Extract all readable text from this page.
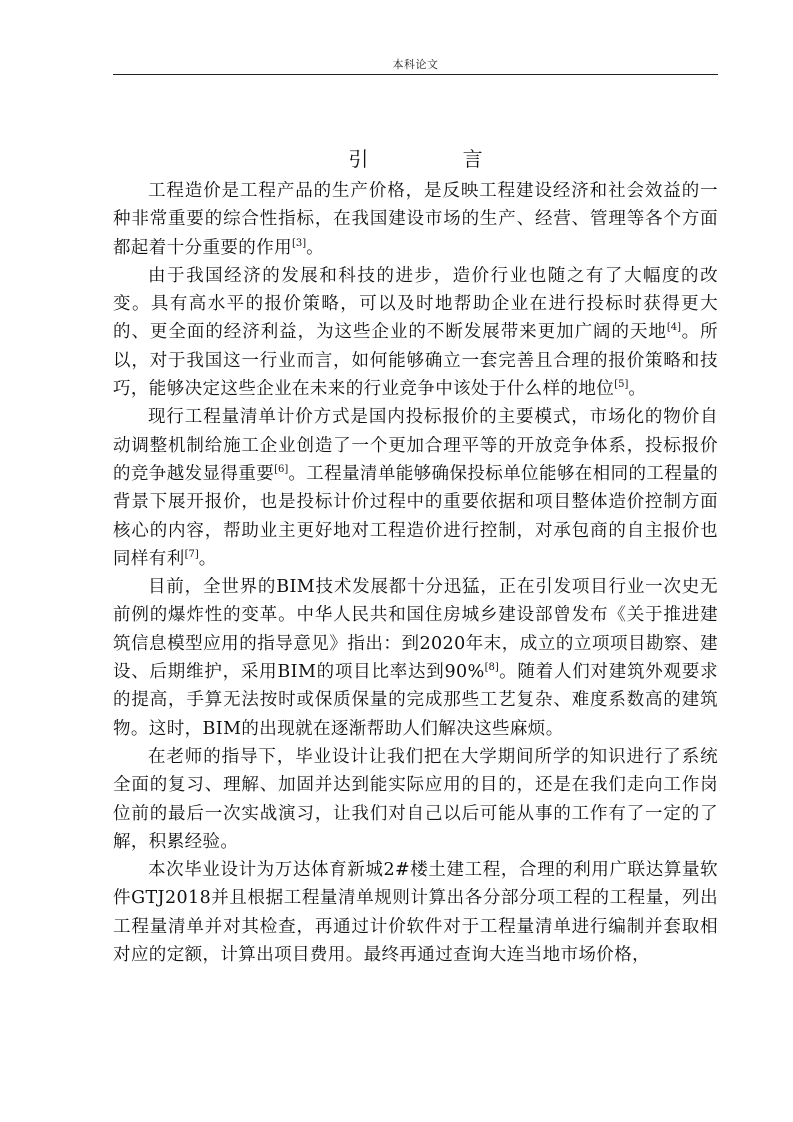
本科论文
引 言

工程造价是工程产品的生产价格，是反映工程建设经济和社会效益的一种非常重要的综合性指标，在我国建设市场的生产、经营、管理等各个方面都起着十分重要的作用[3]。

由于我国经济的发展和科技的进步，造价行业也随之有了大幅度的改变。具有高水平的报价策略，可以及时地帮助企业在进行投标时获得更大的、更全面的经济利益，为这些企业的不断发展带来更加广阔的天地[4]。所以，对于我国这一行业而言，如何能够确立一套完善且合理的报价策略和技巧，能够决定这些企业在未来的行业竞争中该处于什么样的地位[5]。

现行工程量清单计价方式是国内投标报价的主要模式，市场化的物价自动调整机制给施工企业创造了一个更加合理平等的开放竞争体系，投标报价的竞争越发显得重要[6]。工程量清单能够确保投标单位能够在相同的工程量的背景下展开报价，也是投标计价过程中的重要依据和项目整体造价控制方面核心的内容，帮助业主更好地对工程造价进行控制，对承包商的自主报价也同样有利[7]。

目前，全世界的BIM技术发展都十分迅猛，正在引发项目行业一次史无前例的爆炸性的变革。中华人民共和国住房城乡建设部曾发布《关于推进建筑信息模型应用的指导意见》指出：到2020年末，成立的立项项目勘察、建设、后期维护，采用BIM的项目比率达到90%[8]。随着人们对建筑外观要求的提高，手算无法按时或保质保量的完成那些工艺复杂、难度系数高的建筑物。这时，BIM的出现就在逐渐帮助人们解决这些麻烦。

在老师的指导下，毕业设计让我们把在大学期间所学的知识进行了系统全面的复习、理解、加固并达到能实际应用的目的，还是在我们走向工作岗位前的最后一次实战演习，让我们对自己以后可能从事的工作有了一定的了解，积累经验。

本次毕业设计为万达体育新城2#楼土建工程，合理的利用广联达算量软件GTJ2018并且根据工程量清单规则计算出各分部分项工程的工程量，列出工程量清单并对其检查，再通过计价软件对于工程量清单进行编制并套取相对应的定额，计算出项目费用。最终再通过查询大连当地市场价格，
